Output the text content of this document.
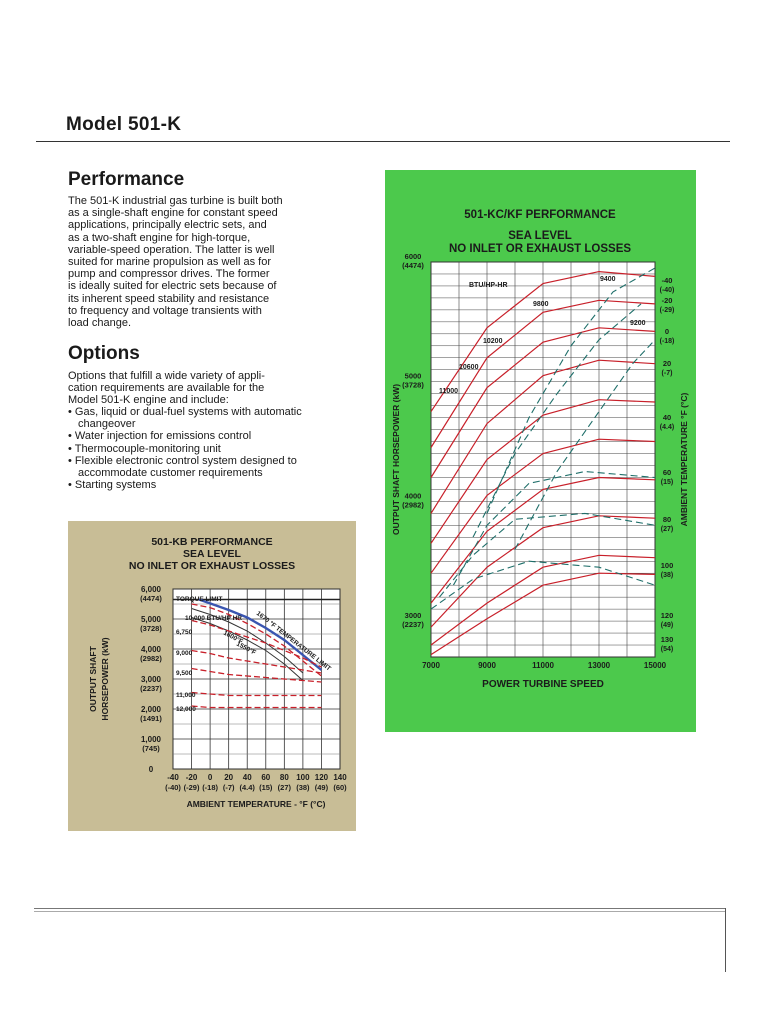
Model 501-K
Performance
The 501-K industrial gas turbine is built both
as a single-shaft engine for constant speed
applications, principally electric sets, and
as a two-shaft engine for high-torque,
variable-speed operation. The latter is well
suited for marine propulsion as well as for
pump and compressor drives. The former
is ideally suited for electric sets because of
its inherent speed stability and resistance
to frequency and voltage transients with
load change.
Options
Options that fulfill a wide variety of appli-
cation requirements are available for the
Model 501-K engine and include:
• Gas, liquid or dual-fuel systems with automatic changeover
• Water injection for emissions control
• Thermocouple-monitoring unit
• Flexible electronic control system designed to accommodate customer requirements
• Starting systems
501-KB PERFORMANCE
SEA LEVEL
NO INLET OR EXHAUST LOSSES
-40
(-40)
-20
(-29)
0
(-18)
20
(-7)
40
(4.4)
60
(15)
80
(27)
100
(38)
120
(49)
140
(60)
0
1,000
(745)
2,000
(1491)
3,000
(2237)
4,000
(2982)
5,000
(3728)
6,000
(4474)
AMBIENT TEMPERATURE - °F (°C)
OUTPUT SHAFT HORSEPOWER (kW)
TORQUE LIMIT
1670 °F TEMPERATURE LIMIT
1600°F
1550°F
10,000 BTU/HP HR
6,750
9,000
9,500
11,000
12,000
501-KC/KF PERFORMANCE
SEA LEVEL
NO INLET OR EXHAUST LOSSES
7000	9000	11000	13000	15000
3000
(2237)
4000
(2982)
5000
(3728)
6000
(4474)
POWER TURBINE SPEED
OUTPUT SHAFT HORSEPOWER (kW)	AMBIENT TEMPERATURE °F (°C)
-40
(-40)
-20
(-29)
0
(-18)
20
(-7)
40
(4.4)
60
(15)
80
(27)
100
(38)
120
(49)
130
(54)
BTU/HP-HR
9400
9800
9200
10200
10600
11000
